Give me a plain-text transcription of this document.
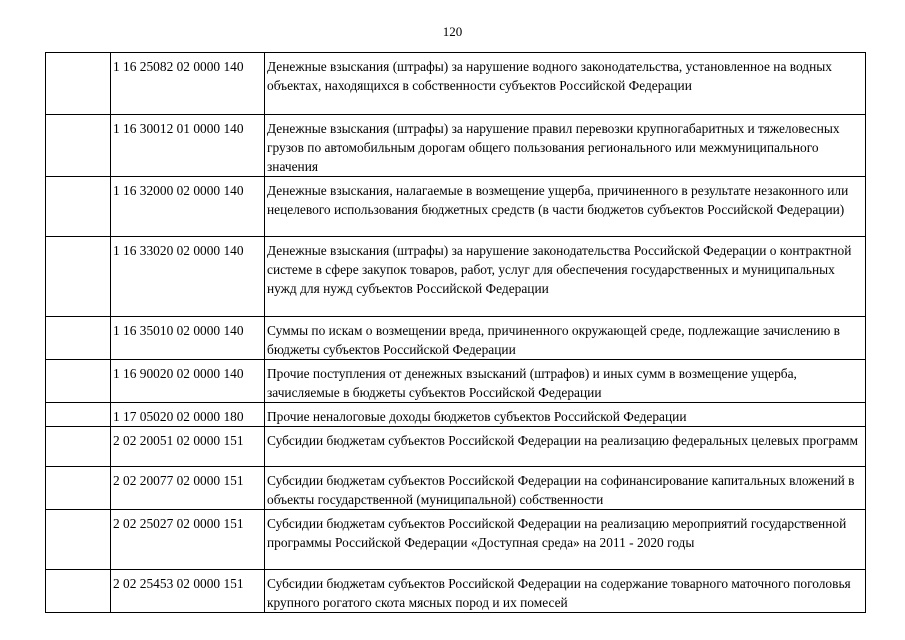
120
	1 16 25082 02 0000 140	Денежные взыскания (штрафы) за нарушение водного законодательства, установленное на водных объектах, находящихся в собственности субъектов Российской Федерации
	1 16 30012 01 0000 140	Денежные взыскания (штрафы) за нарушение правил перевозки крупногабаритных и тяжеловесных грузов по автомобильным дорогам общего пользования регионального или межмуниципального значения
	1 16 32000 02 0000 140	Денежные взыскания, налагаемые в возмещение ущерба, причиненного в результате незаконного или нецелевого использования бюджетных средств (в части бюджетов субъектов Российской Федерации)
	1 16 33020 02 0000 140	Денежные взыскания (штрафы) за нарушение законодательства Российской Федерации о контрактной системе в сфере закупок товаров, работ, услуг для обеспечения государственных и муниципальных нужд для нужд субъектов Российской Федерации
	1 16 35010 02 0000 140	Суммы по искам о возмещении вреда, причиненного окружающей среде, подлежащие зачислению в бюджеты субъектов Российской Федерации
	1 16 90020 02 0000 140	Прочие поступления от денежных взысканий (штрафов) и иных сумм в возмещение ущерба, зачисляемые в бюджеты субъектов Российской Федерации
	1 17 05020 02 0000 180	Прочие неналоговые доходы бюджетов субъектов Российской Федерации
	2 02 20051 02 0000 151	Субсидии бюджетам субъектов Российской Федерации на реализацию федеральных целевых программ
	2 02 20077 02 0000 151	Субсидии бюджетам субъектов Российской Федерации на софинансирование капитальных вложений в объекты государственной (муниципальной) собственности
	2 02 25027 02 0000 151	Субсидии бюджетам субъектов Российской Федерации на реализацию мероприятий государственной программы Российской Федерации «Доступная среда» на 2011 - 2020 годы
	2 02 25453 02 0000 151	Субсидии бюджетам субъектов Российской Федерации на содержание товарного маточного поголовья крупного рогатого скота мясных пород и их помесей
